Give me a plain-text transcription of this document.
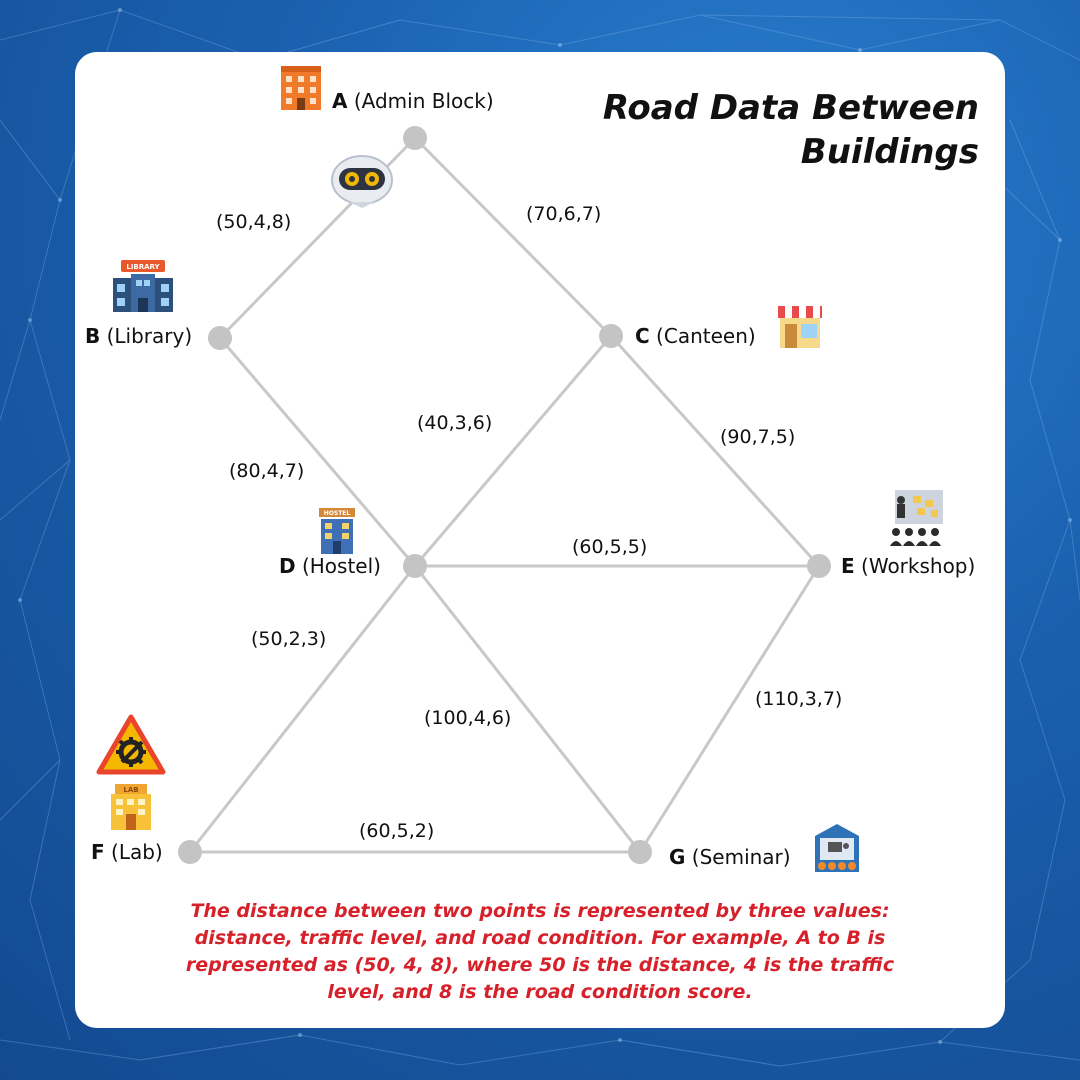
Road Data Between Buildings
(50,4,8)	(70,6,7)
(80,4,7)
(40,3,6)
(90,7,5)
(60,5,5)
(50,2,3)
(100,4,6)
(110,3,7)
(60,5,2)
A (Admin Block)
B (Library)	C (Canteen)
D (Hostel)	E (Workshop)
F (Lab)	G (Seminar)
LIBRARY
HOSTEL
LAB
The distance between two points is represented by three values: distance, traffic level, and road condition. For example, A to B is represented as (50, 4, 8), where 50 is the distance, 4 is the traffic level, and 8 is the road condition score.
